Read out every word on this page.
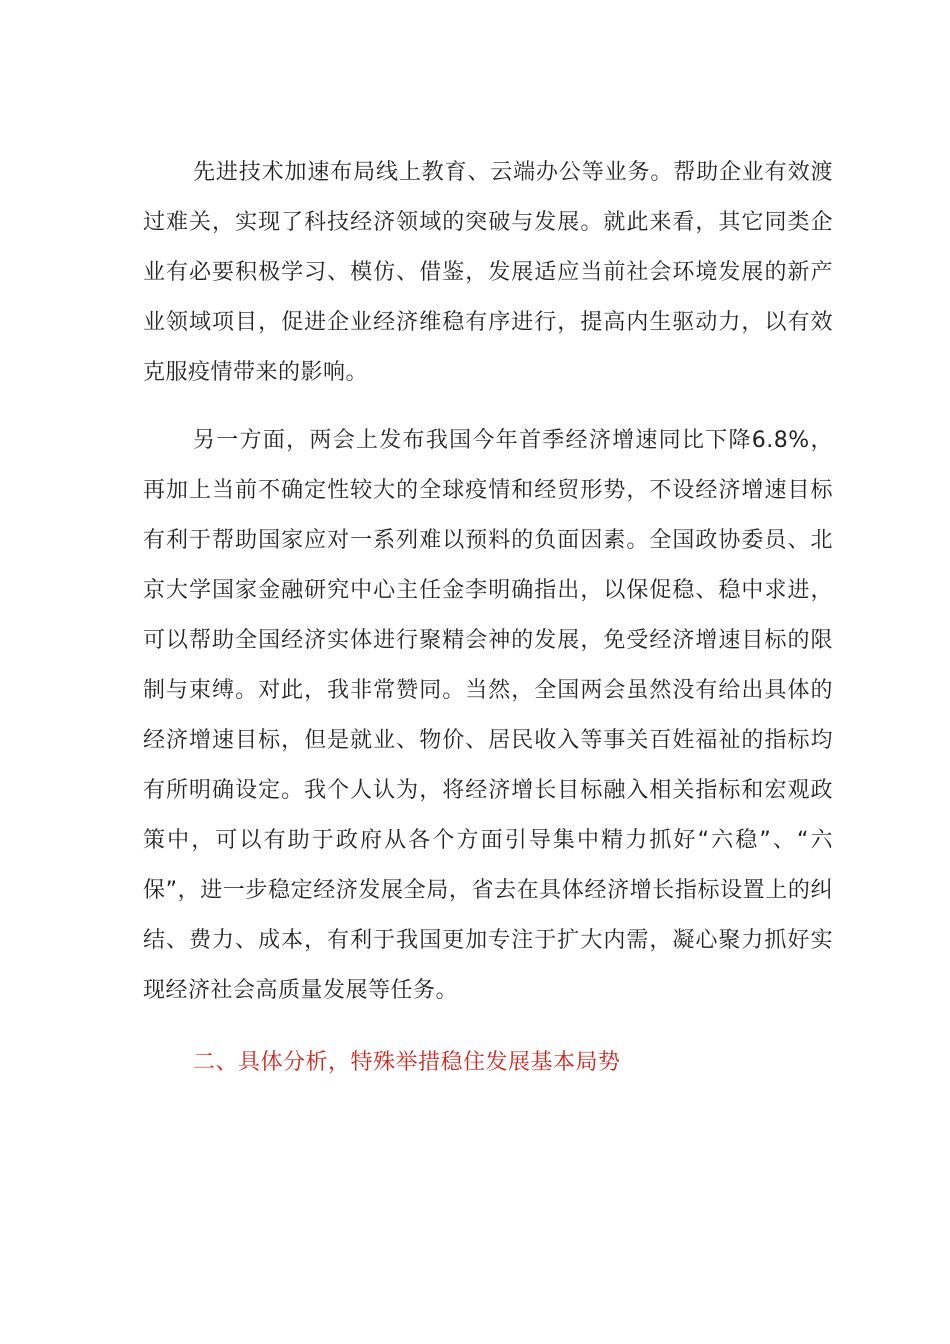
先进技术加速布局线上教育、云端办公等业务。帮助企业有效渡过难关，实现了科技经济领域的突破与发展。就此来看，其它同类企业有必要积极学习、模仿、借鉴，发展适应当前社会环境发展的新产业领域项目，促进企业经济维稳有序进行，提高内生驱动力，以有效克服疫情带来的影响。

另一方面，两会上发布我国今年首季经济增速同比下降6.8%，再加上当前不确定性较大的全球疫情和经贸形势，不设经济增速目标有利于帮助国家应对一系列难以预料的负面因素。全国政协委员、北京大学国家金融研究中心主任金李明确指出，以保促稳、稳中求进，可以帮助全国经济实体进行聚精会神的发展，免受经济增速目标的限制与束缚。对此，我非常赞同。当然，全国两会虽然没有给出具体的经济增速目标，但是就业、物价、居民收入等事关百姓福祉的指标均有所明确设定。我个人认为，将经济增长目标融入相关指标和宏观政策中，可以有助于政府从各个方面引导集中精力抓好“六稳”、“六保”，进一步稳定经济发展全局，省去在具体经济增长指标设置上的纠结、费力、成本，有利于我国更加专注于扩大内需，凝心聚力抓好实现经济社会高质量发展等任务。

二、具体分析，特殊举措稳住发展基本局势
